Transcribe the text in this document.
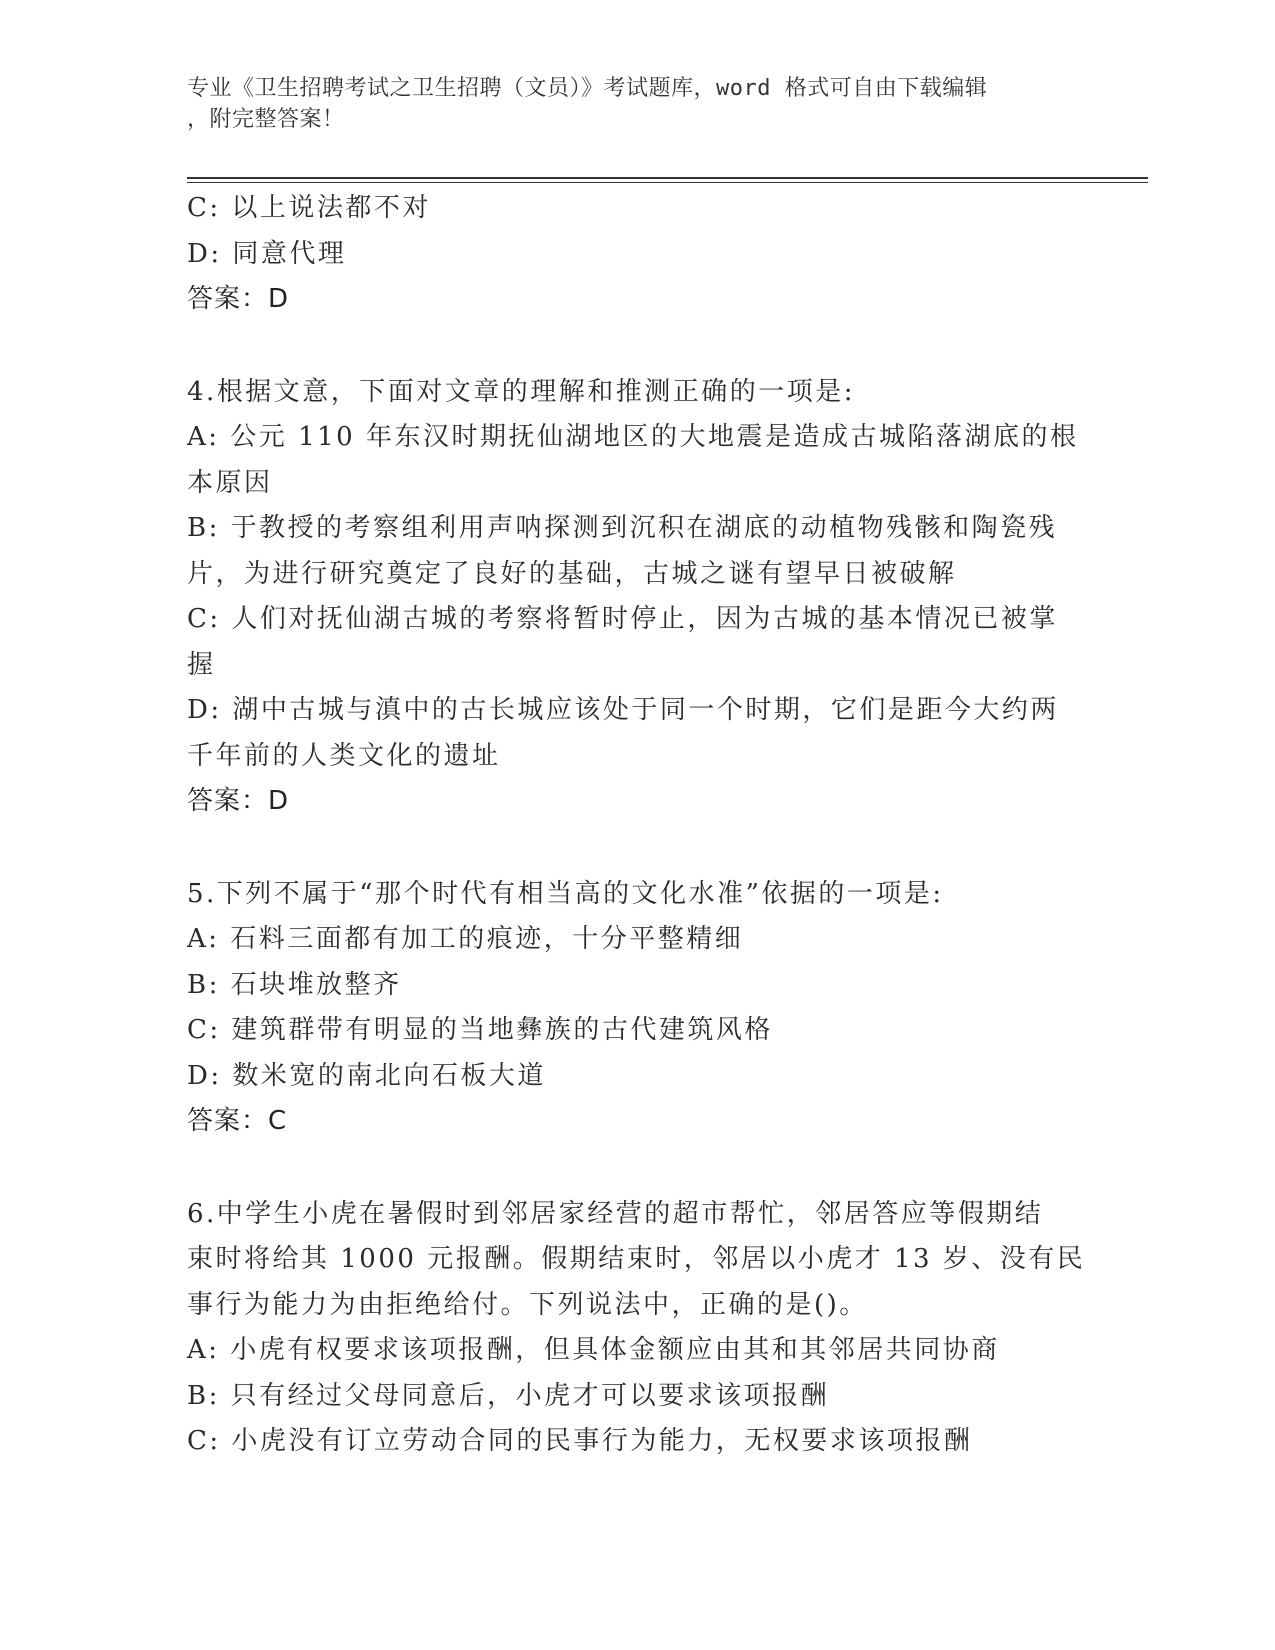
专业《卫生招聘考试之卫生招聘（文员）》考试题库，word 格式可自由下载编辑
，附完整答案！
C: 以上说法都不对
D: 同意代理
答案：D
4.根据文意，下面对文章的理解和推测正确的一项是:
A: 公元 110 年东汉时期抚仙湖地区的大地震是造成古城陷落湖底的根
本原因
B: 于教授的考察组利用声呐探测到沉积在湖底的动植物残骸和陶瓷残
片，为进行研究奠定了良好的基础，古城之谜有望早日被破解
C: 人们对抚仙湖古城的考察将暂时停止，因为古城的基本情况已被掌
握
D: 湖中古城与滇中的古长城应该处于同一个时期，它们是距今大约两
千年前的人类文化的遗址
答案：D
5.下列不属于“那个时代有相当高的文化水准”依据的一项是:
A: 石料三面都有加工的痕迹，十分平整精细
B: 石块堆放整齐
C: 建筑群带有明显的当地彝族的古代建筑风格
D: 数米宽的南北向石板大道
答案：C
6.中学生小虎在暑假时到邻居家经营的超市帮忙，邻居答应等假期结
束时将给其 1000 元报酬。假期结束时，邻居以小虎才 13 岁、没有民
事行为能力为由拒绝给付。下列说法中，正确的是()。
A: 小虎有权要求该项报酬，但具体金额应由其和其邻居共同协商
B: 只有经过父母同意后，小虎才可以要求该项报酬
C: 小虎没有订立劳动合同的民事行为能力，无权要求该项报酬
